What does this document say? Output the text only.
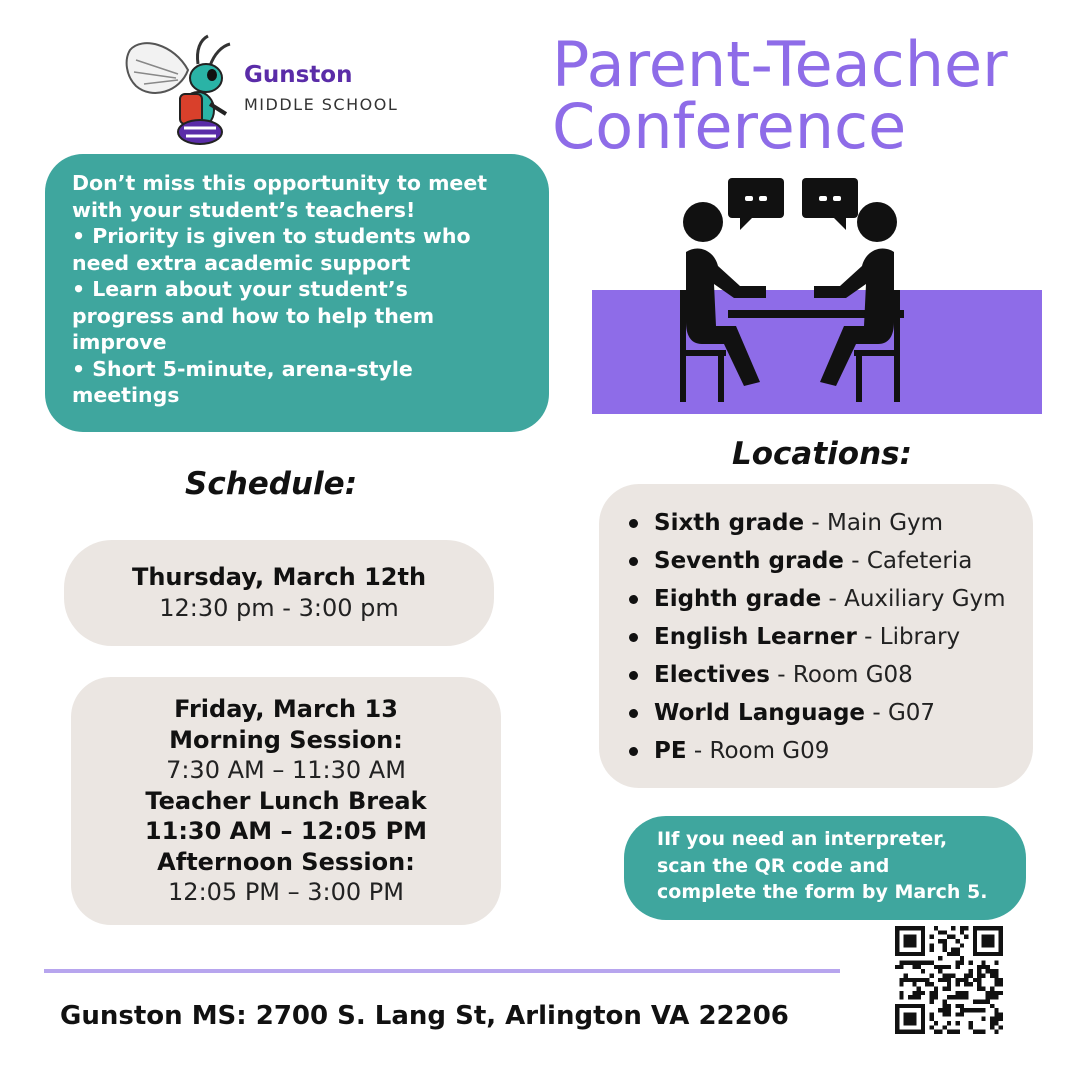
Gunston
MIDDLE SCHOOL
Parent-Teacher
Conference
Don’t miss this opportunity to meet
with your student’s teachers!
• Priority is given to students who
need extra academic support
• Learn about your student’s
progress and how to help them
improve
• Short 5-minute, arena-style
meetings
Schedule:
Locations:
Thursday, March 12th
12:30 pm - 3:00 pm
Friday, March 13
Morning Session:
7:30 AM – 11:30 AM
Teacher Lunch Break
11:30 AM – 12:05 PM
Afternoon Session:
12:05 PM – 3:00 PM
Sixth grade - Main Gym
Seventh grade - Cafeteria
Eighth grade - Auxiliary Gym
English Learner - Library
Electives - Room G08
World Language - G07
PE - Room G09
IIf you need an interpreter,
scan the QR code and
complete the form by March 5.
Gunston MS: 2700 S. Lang St, Arlington VA 22206
